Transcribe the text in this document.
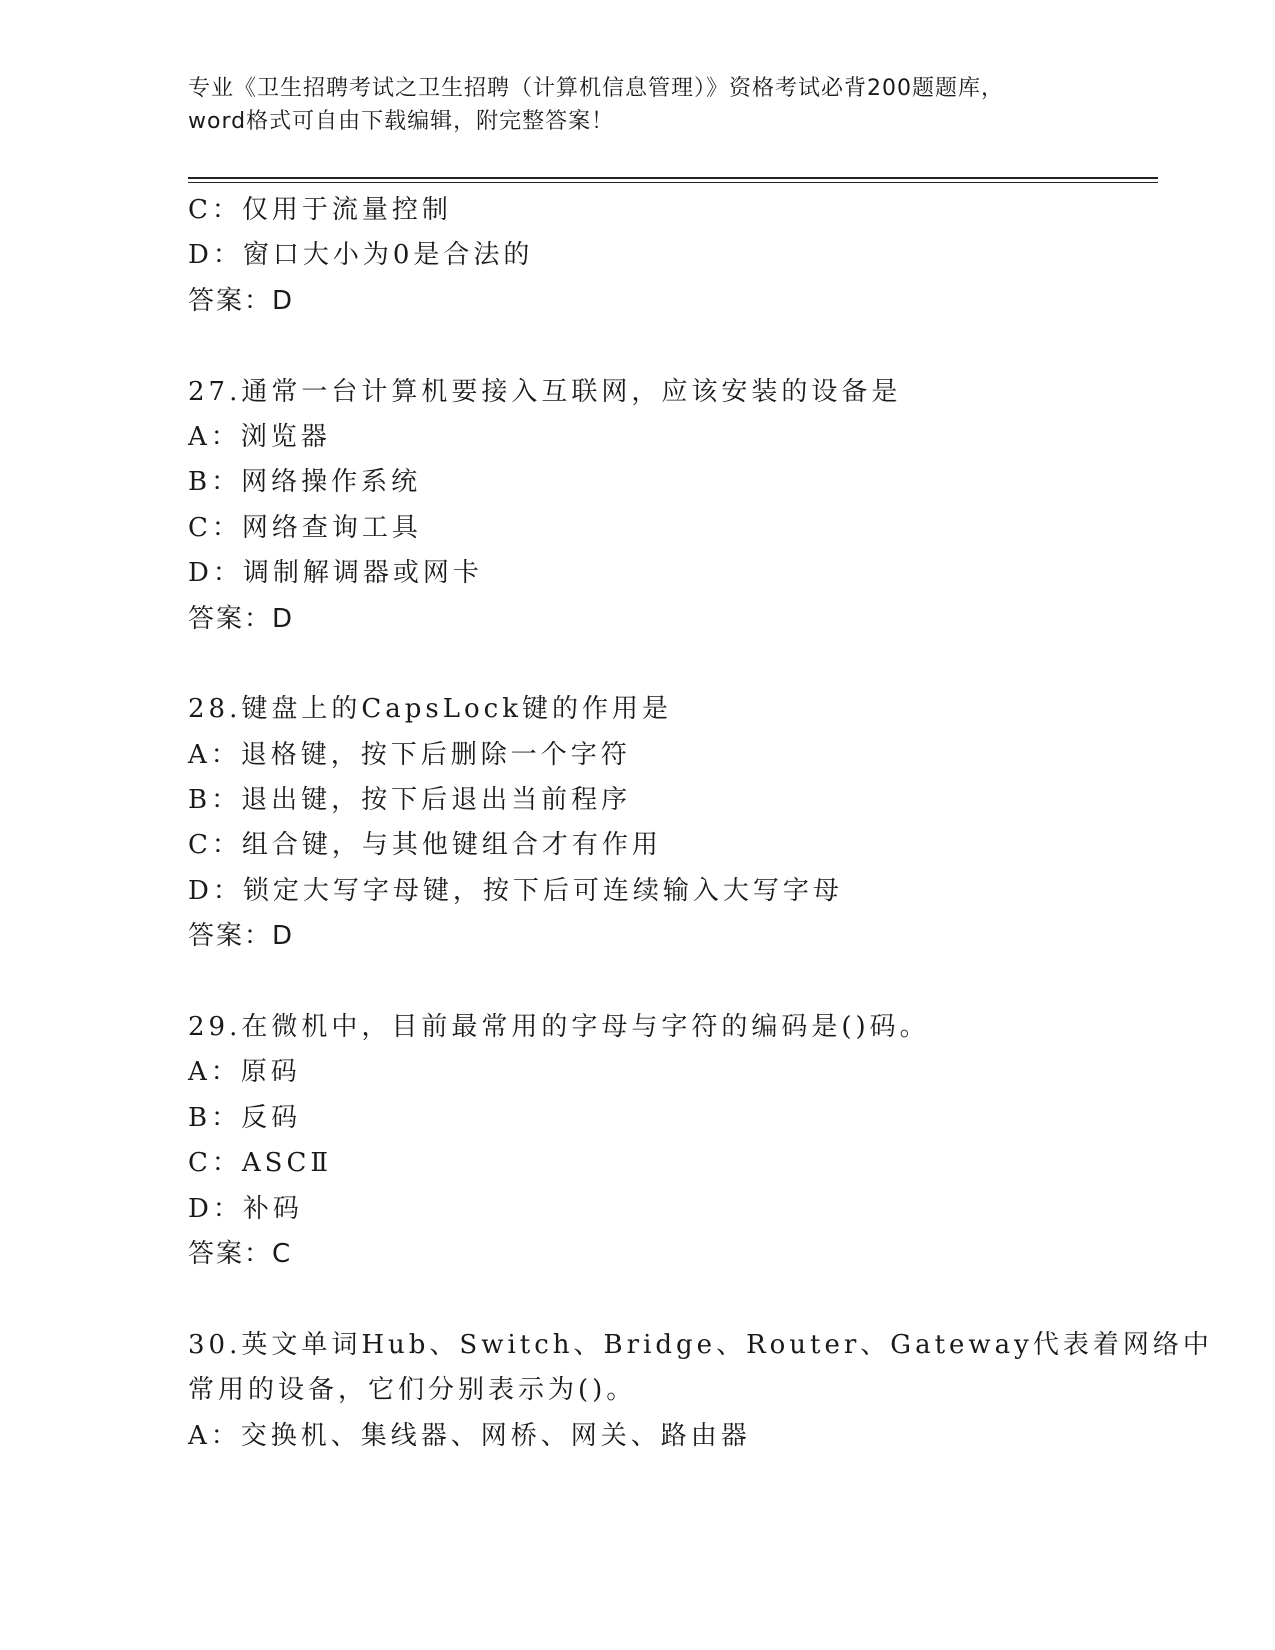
专业《卫生招聘考试之卫生招聘（计算机信息管理）》资格考试必背200题题库，
word格式可自由下载编辑，附完整答案！
C：仅用于流量控制
D：窗口大小为0是合法的
答案：D
27.通常一台计算机要接入互联网，应该安装的设备是
A：浏览器
B：网络操作系统
C：网络查询工具
D：调制解调器或网卡
答案：D
28.键盘上的CapsLock键的作用是
A：退格键，按下后删除一个字符
B：退出键，按下后退出当前程序
C：组合键，与其他键组合才有作用
D：锁定大写字母键，按下后可连续输入大写字母
答案：D
29.在微机中，目前最常用的字母与字符的编码是()码。
A：原码
B：反码
C：ASCⅡ
D：补码
答案：C
30.英文单词Hub、Switch、Bridge、Router、Gateway代表着网络中
常用的设备，它们分别表示为()。
A：交换机、集线器、网桥、网关、路由器
